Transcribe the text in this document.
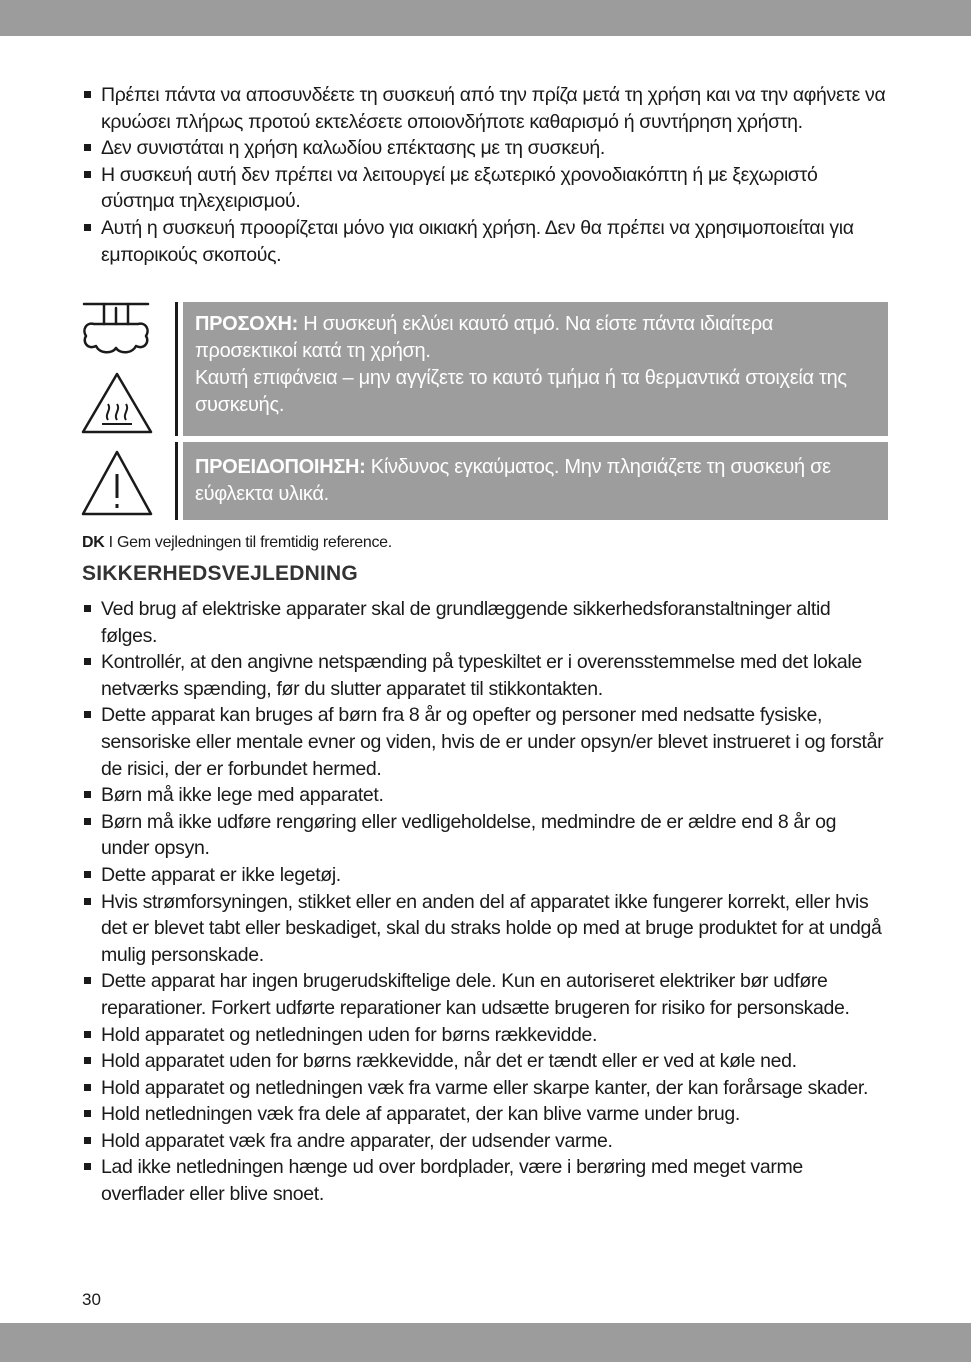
Πρέπει πάντα να αποσυνδέετε τη συσκευή από την πρίζα μετά τη χρήση και να την αφήνετε να κρυώσει πλήρως προτού εκτελέσετε οποιονδήποτε καθαρισμό ή συντήρηση χρήστη.
Δεν συνιστάται η χρήση καλωδίου επέκτασης με τη συσκευή.
Η συσκευή αυτή δεν πρέπει να λειτουργεί με εξωτερικό χρονοδιακόπτη ή με ξεχωριστό σύστημα τηλεχειρισμού.
Αυτή η συσκευή προορίζεται μόνο για οικιακή χρήση. Δεν θα πρέπει να χρησιμοποιείται για εμπορικούς σκοπούς.

ΠΡΟΣΟΧΗ: Η συσκευή εκλύει καυτό ατμό. Να είστε πάντα ιδιαίτερα προσεκτικοί κατά τη χρήση.

Καυτή επιφάνεια – μην αγγίζετε το καυτό τμήμα ή τα θερμαντικά στοιχεία της συσκευής.

ΠΡΟΕΙΔΟΠΟΙΗΣΗ: Κίνδυνος εγκαύματος. Μην πλησιάζετε τη συσκευή σε εύφλεκτα υλικά.

DK I Gem vejledningen til fremtidig reference.
SIKKERHEDSVEJLEDNING
Ved brug af elektriske apparater skal de grundlæggende sikkerhedsforanstaltninger altid følges.
Kontrollér, at den angivne netspænding på typeskiltet er i overensstemmelse med det lokale netværks spænding, før du slutter apparatet til stikkontakten.
Dette apparat kan bruges af børn fra 8 år og opefter og personer med nedsatte fysiske, sensoriske eller mentale evner og viden, hvis de er under opsyn/er blevet instrueret i og forstår de risici, der er forbundet hermed.
Børn må ikke lege med apparatet.
Børn må ikke udføre rengøring eller vedligeholdelse, medmindre de er ældre end 8 år og under opsyn.
Dette apparat er ikke legetøj.
Hvis strømforsyningen, stikket eller en anden del af apparatet ikke fungerer korrekt, eller hvis det er blevet tabt eller beskadiget, skal du straks holde op med at bruge produktet for at undgå mulig personskade.
Dette apparat har ingen brugerudskiftelige dele. Kun en autoriseret elektriker bør udføre reparationer. Forkert udførte reparationer kan udsætte brugeren for risiko for personskade.
Hold apparatet og netledningen uden for børns rækkevidde.
Hold apparatet uden for børns rækkevidde, når det er tændt eller er ved at køle ned.
Hold apparatet og netledningen væk fra varme eller skarpe kanter, der kan forårsage skader.
Hold netledningen væk fra dele af apparatet, der kan blive varme under brug.
Hold apparatet væk fra andre apparater, der udsender varme.
Lad ikke netledningen hænge ud over bordplader, være i berøring med meget varme overflader eller blive snoet.
30
